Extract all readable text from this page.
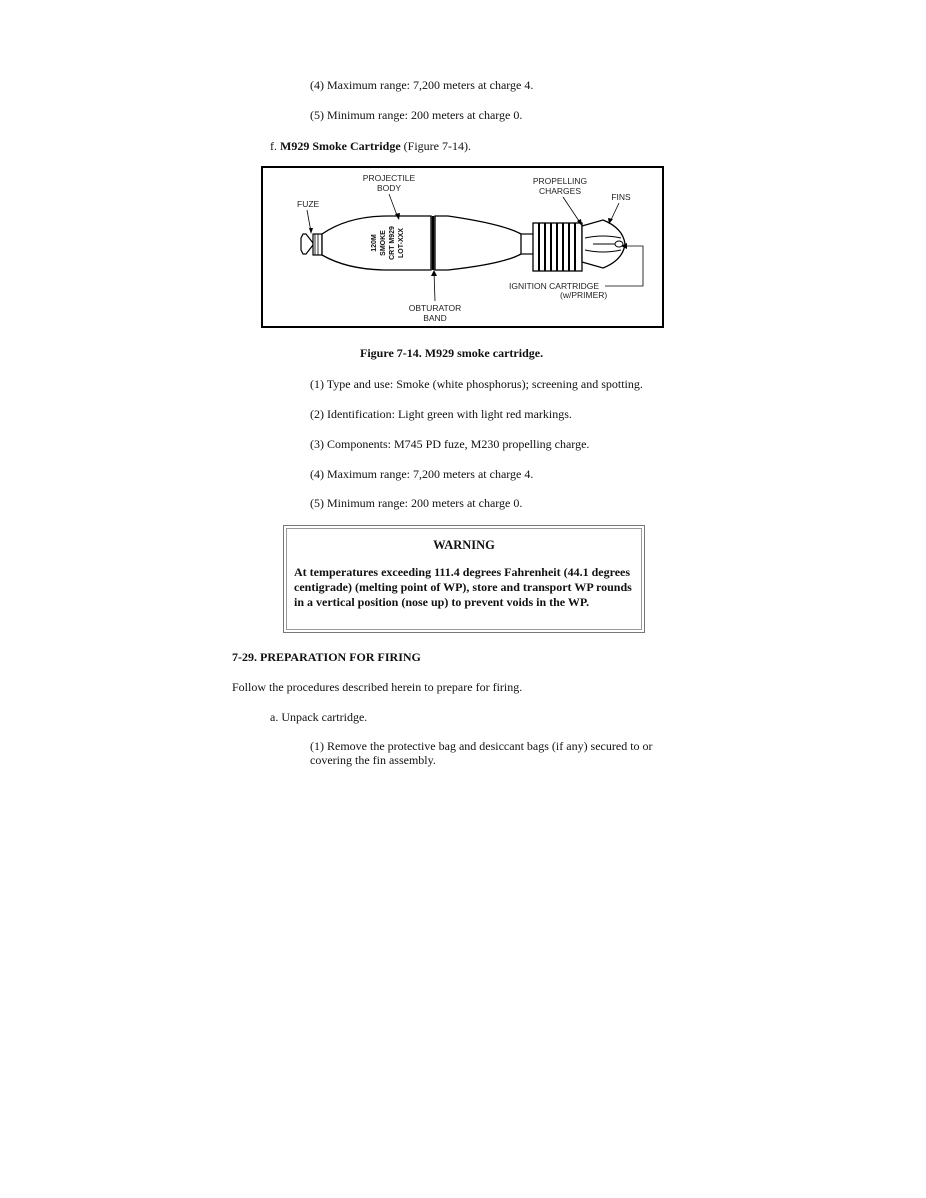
(4) Maximum range: 7,200 meters at charge 4.
(5) Minimum range: 200 meters at charge 0.
f. M929 Smoke Cartridge (Figure 7-14).
120M SMOKE CRT M929 LOT-XXX
FUZE
PROJECTILE
BODY
PROPELLING
CHARGES
FINS
IGNITION CARTRIDGE
(w/PRIMER)
OBTURATOR
BAND
Figure 7-14. M929 smoke cartridge.
(1) Type and use: Smoke (white phosphorus); screening and spotting.
(2) Identification: Light green with light red markings.
(3) Components: M745 PD fuze, M230 propelling charge.
(4) Maximum range: 7,200 meters at charge 4.
(5) Minimum range: 200 meters at charge 0.
WARNING
At temperatures exceeding 111.4 degrees Fahrenheit (44.1 degrees centigrade) (melting point of WP), store and transport WP rounds in a vertical position (nose up) to prevent voids in the WP.
7-29. PREPARATION FOR FIRING
Follow the procedures described herein to prepare for firing.
a. Unpack cartridge.
(1) Remove the protective bag and desiccant bags (if any) secured to or
covering the fin assembly.
